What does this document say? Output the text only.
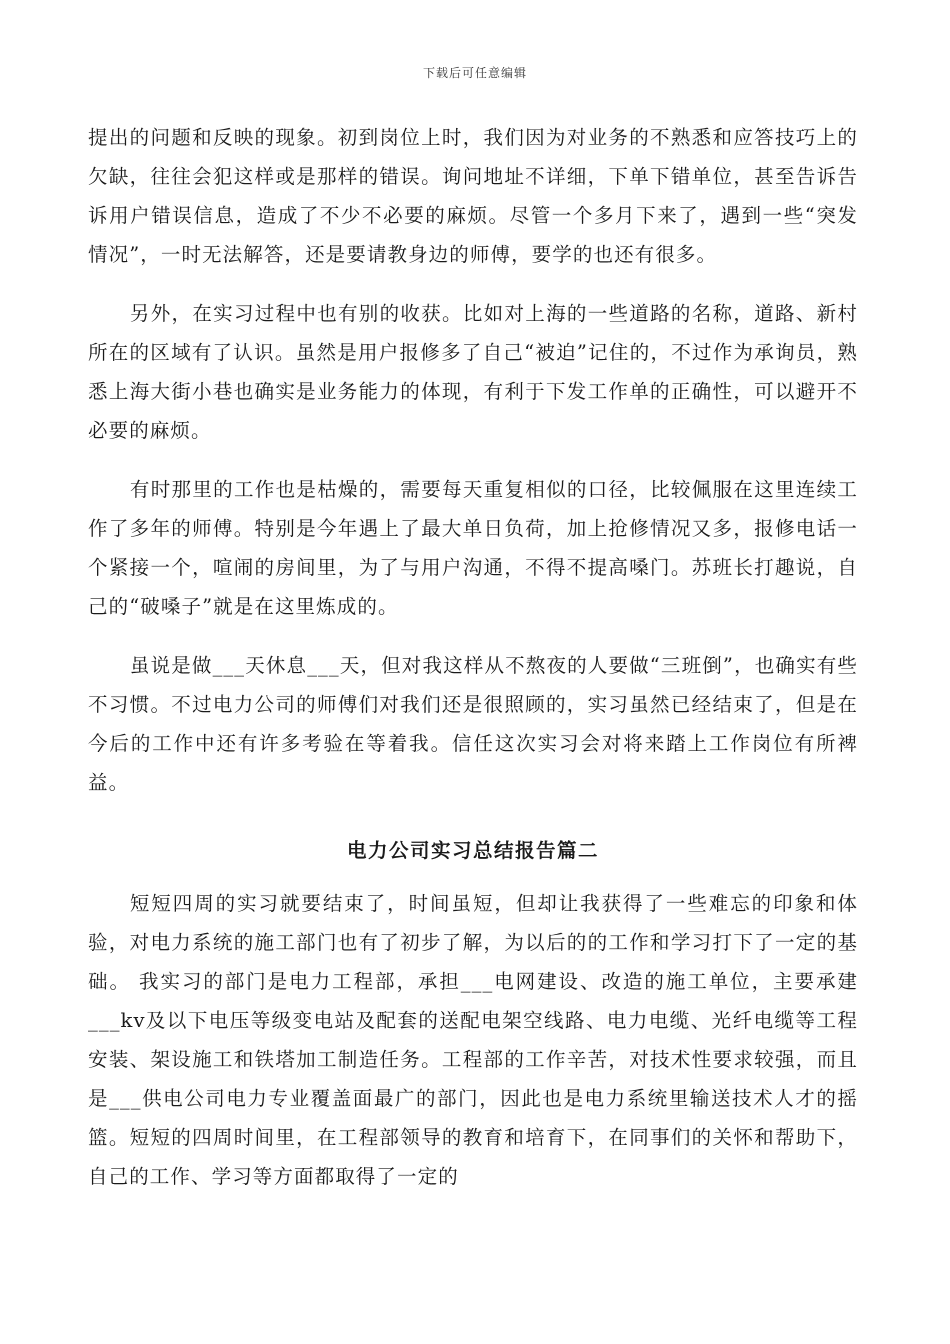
下载后可任意编辑

提出的问题和反映的现象。初到岗位上时，我们因为对业务的不熟悉和应答技巧上的欠缺，往往会犯这样或是那样的错误。询问地址不详细，下单下错单位，甚至告诉告诉用户错误信息，造成了不少不必要的麻烦。尽管一个多月下来了，遇到一些“突发情况”，一时无法解答，还是要请教身边的师傅，要学的也还有很多。

另外，在实习过程中也有别的收获。比如对上海的一些道路的名称，道路、新村所在的区域有了认识。虽然是用户报修多了自己“被迫”记住的，不过作为承询员，熟悉上海大街小巷也确实是业务能力的体现，有利于下发工作单的正确性，可以避开不必要的麻烦。

有时那里的工作也是枯燥的，需要每天重复相似的口径，比较佩服在这里连续工作了多年的师傅。特别是今年遇上了最大单日负荷，加上抢修情况又多，报修电话一个紧接一个，喧闹的房间里，为了与用户沟通，不得不提高嗓门。苏班长打趣说，自己的“破嗓子”就是在这里炼成的。

虽说是做___天休息___天，但对我这样从不熬夜的人要做“三班倒”，也确实有些不习惯。不过电力公司的师傅们对我们还是很照顾的，实习虽然已经结束了，但是在今后的工作中还有许多考验在等着我。信任这次实习会对将来踏上工作岗位有所裨益。

电力公司实习总结报告篇二

短短四周的实习就要结束了，时间虽短，但却让我获得了一些难忘的印象和体验，对电力系统的施工部门也有了初步了解，为以后的的工作和学习打下了一定的基础。 我实习的部门是电力工程部，承担___电网建设、改造的施工单位，主要承建___kv及以下电压等级变电站及配套的送配电架空线路、电力电缆、光纤电缆等工程安装、架设施工和铁塔加工制造任务。工程部的工作辛苦，对技术性要求较强，而且是___供电公司电力专业覆盖面最广的部门，因此也是电力系统里输送技术人才的摇篮。短短的四周时间里，在工程部领导的教育和培育下，在同事们的关怀和帮助下，自己的工作、学习等方面都取得了一定的
